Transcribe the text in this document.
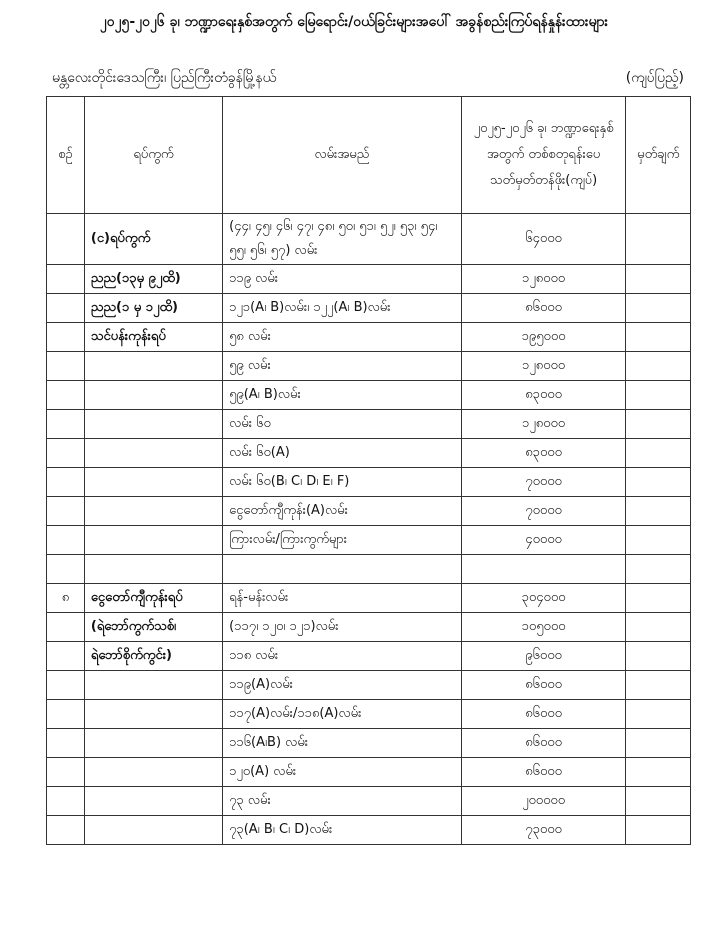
၂၀၂၅-၂၀၂၆ ခု၊ ဘဏ္ဍာရေးနှစ်အတွက် မြေရောင်း/ဝယ်ခြင်းများအပေါ် အခွန်စည်းကြပ်ရန်နှုန်းထားများ
မန္တလေးတိုင်းဒေသကြီး၊ ပြည်ကြီးတံခွန်မြို့နယ်	(ကျပ်ပြည့်)
စဉ်	ရပ်ကွက်	လမ်းအမည်	၂၀၂၅-၂၀၂၆ ခု၊ ဘဏ္ဍာရေးနှစ်အတွက် တစ်စတုရန်းပေ သတ်မှတ်တန်ဖိုး(ကျပ်)	မှတ်ချက်
	(င)ရပ်ကွက်	(၄၄၊ ၄၅၊ ၄၆၊ ၄၇၊ ၄၈၊ ၅၀၊ ၅၁၊ ၅၂၊ ၅၃၊ ၅၄၊ ၅၅၊ ၅၆၊ ၅၇) လမ်း	၆၄၀၀၀	
	ညည(၁၃မှ ၉၂ထိ)	၁၁၉ လမ်း	၁၂၈၀၀၀	
	ညည(၁ မှ ၁၂ထိ)	၁၂၁(A၊ B)လမ်း၊ ၁၂၂(A၊ B)လမ်း	၈၆၀၀၀	
	သင်ပန်းကုန်းရပ်	၅၈ လမ်း	၁၉၅၀၀၀	
		၅၉ လမ်း	၁၂၈၀၀၀	
		၅၉(A၊ B)လမ်း	၈၃၀၀၀	
		လမ်း ၆၀	၁၂၈၀၀၀	
		လမ်း ၆၀(A)	၈၃၀၀၀	
		လမ်း ၆၀(B၊ C၊ D၊ E၊ F)	၇၀၀၀၀	
		ငွေတော်ကျီကုန်း(A)လမ်း	၇၀၀၀၀	
		ကြားလမ်း/ကြားကွက်များ	၄၀၀၀၀	

၈	ငွေတော်ကျီကုန်းရပ်	ရန်-မန်းလမ်း	၃၀၄၀၀၀	
	(ရဲဘော်ကွက်သစ်၊	(၁၁၇၊ ၁၂၀၊ ၁၂၁)လမ်း	၁၀၅၀၀၀	
	ရဲဘော်စိုက်ကွင်း)	၁၁၈ လမ်း	၉၆၀၀၀	
		၁၁၉(A)လမ်း	၈၆၀၀၀	
		၁၁၇(A)လမ်း/၁၁၈(A)လမ်း	၈၆၀၀၀	
		၁၁၆(A၊B) လမ်း	၈၆၀၀၀	
		၁၂၀(A) လမ်း	၈၆၀၀၀	
		၇၃ လမ်း	၂၀၀၀၀၀	
		၇၃(A၊ B၊ C၊ D)လမ်း	၇၃၀၀၀	
